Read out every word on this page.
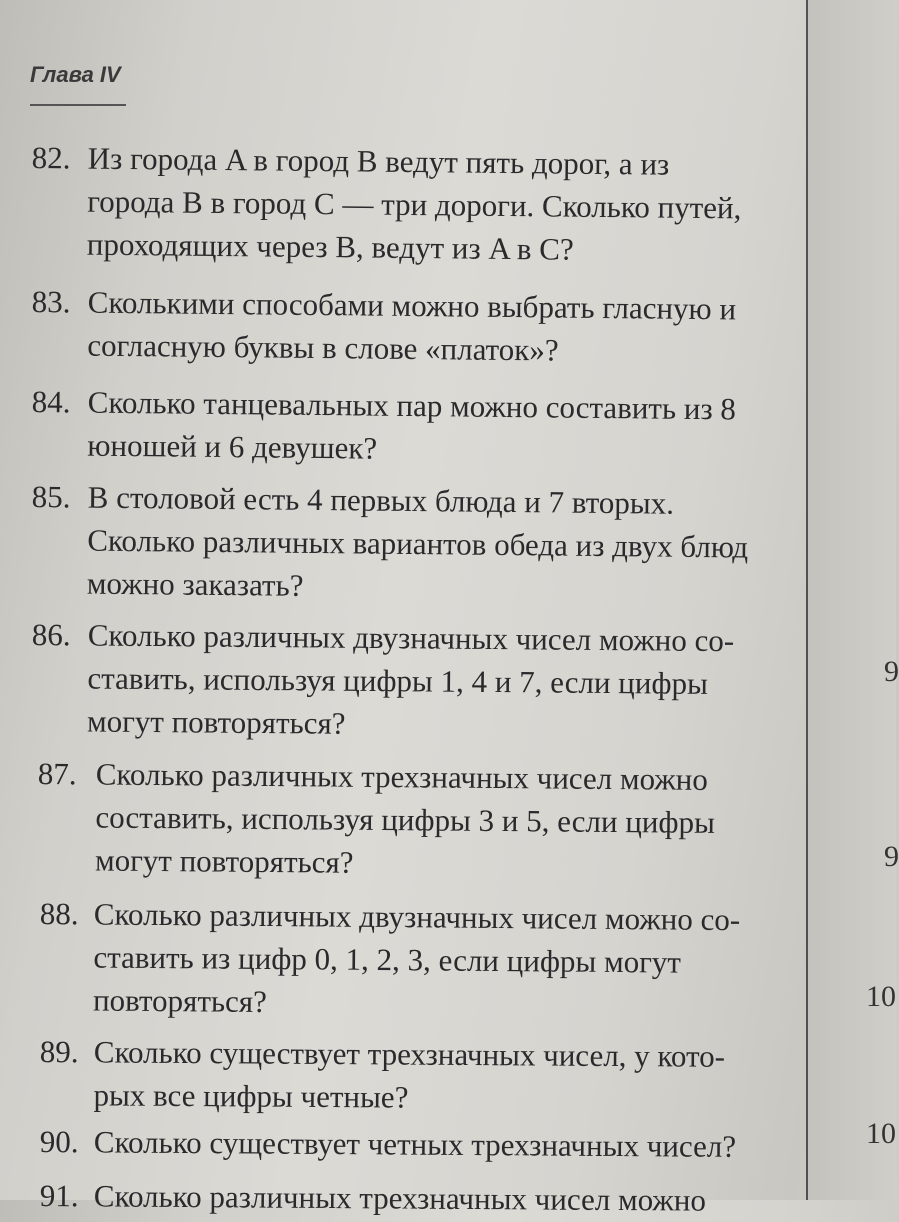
9
9
10
10
Глава IV
82. Из города A в город B ведут пять дорог, а из
города B в город C — три дороги. Сколько путей,
проходящих через B, ведут из A в C?
83. Сколькими способами можно выбрать гласную и
согласную буквы в слове «платок»?
84. Сколько танцевальных пар можно составить из 8
юношей и 6 девушек?
85. В столовой есть 4 первых блюда и 7 вторых.
Сколько различных вариантов обеда из двух блюд
можно заказать?
86. Сколько различных двузначных чисел можно со-
ставить, используя цифры 1, 4 и 7, если цифры
могут повторяться?
87. Сколько различных трехзначных чисел можно
составить, используя цифры 3 и 5, если цифры
могут повторяться?
88. Сколько различных двузначных чисел можно со-
ставить из цифр 0, 1, 2, 3, если цифры могут
повторяться?
89. Сколько существует трехзначных чисел, у кото-
рых все цифры четные?
90. Сколько существует четных трехзначных чисел?
91. Сколько различных трехзначных чисел можно
